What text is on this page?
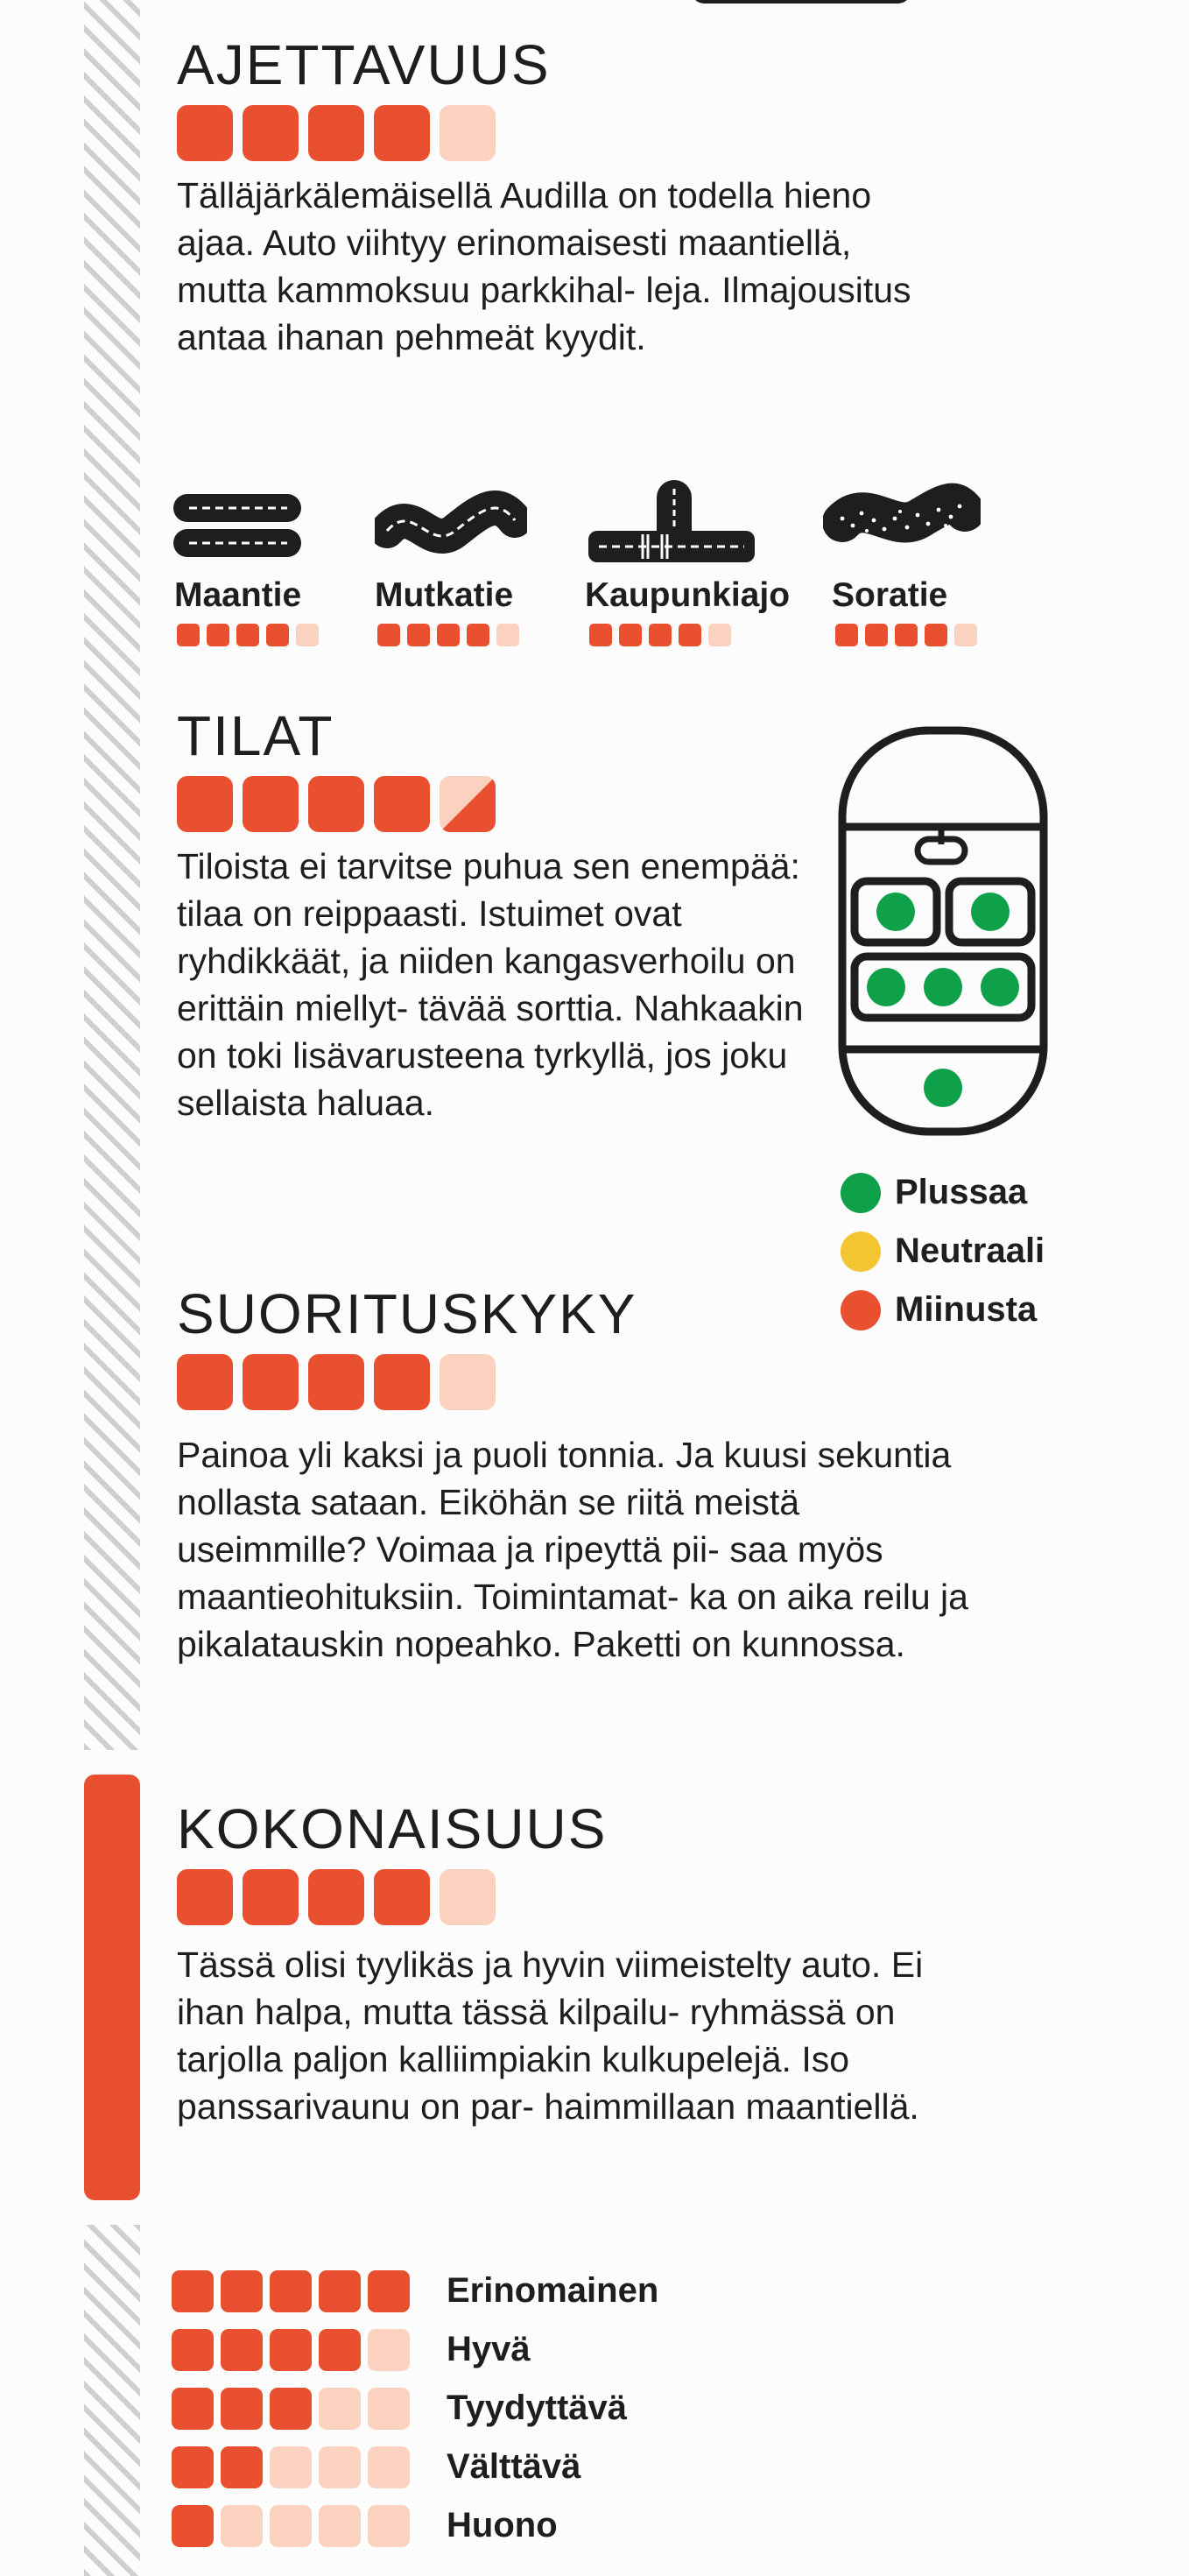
AJETTAVUUS
Tälläjärkälemäisellä Audilla on todella hieno ajaa. Auto viihtyy erinomaisesti maantiellä, mutta kammoksuu parkkihal- leja. Ilmajousitus antaa ihanan pehmeät kyydit.
Maantie Mutkatie Kaupunkiajo Soratie
TILAT
Tiloista ei tarvitse puhua sen enempää: tilaa on reippaasti. Istuimet ovat ryhdikkäät, ja niiden kangasverhoilu on erittäin miellyt- tävää sorttia. Nahkaakin on toki lisävarusteena tyrkyllä, jos joku sellaista haluaa.
Plussaa
Neutraali
Miinusta
SUORITUSKYKY
Painoa yli kaksi ja puoli tonnia. Ja kuusi sekuntia nollasta sataan. Eiköhän se riitä meistä useimmille? Voimaa ja ripeyttä pii- saa myös maantieohituksiin. Toimintamat- ka on aika reilu ja pikalatauskin nopeahko. Paketti on kunnossa.
KOKONAISUUS
Tässä olisi tyylikäs ja hyvin viimeistelty auto. Ei ihan halpa, mutta tässä kilpailu- ryhmässä on tarjolla paljon kalliimpiakin kulkupelejä. Iso panssarivaunu on par- haimmillaan maantiellä.
Erinomainen
Hyvä
Tyydyttävä
Välttävä
Huono
